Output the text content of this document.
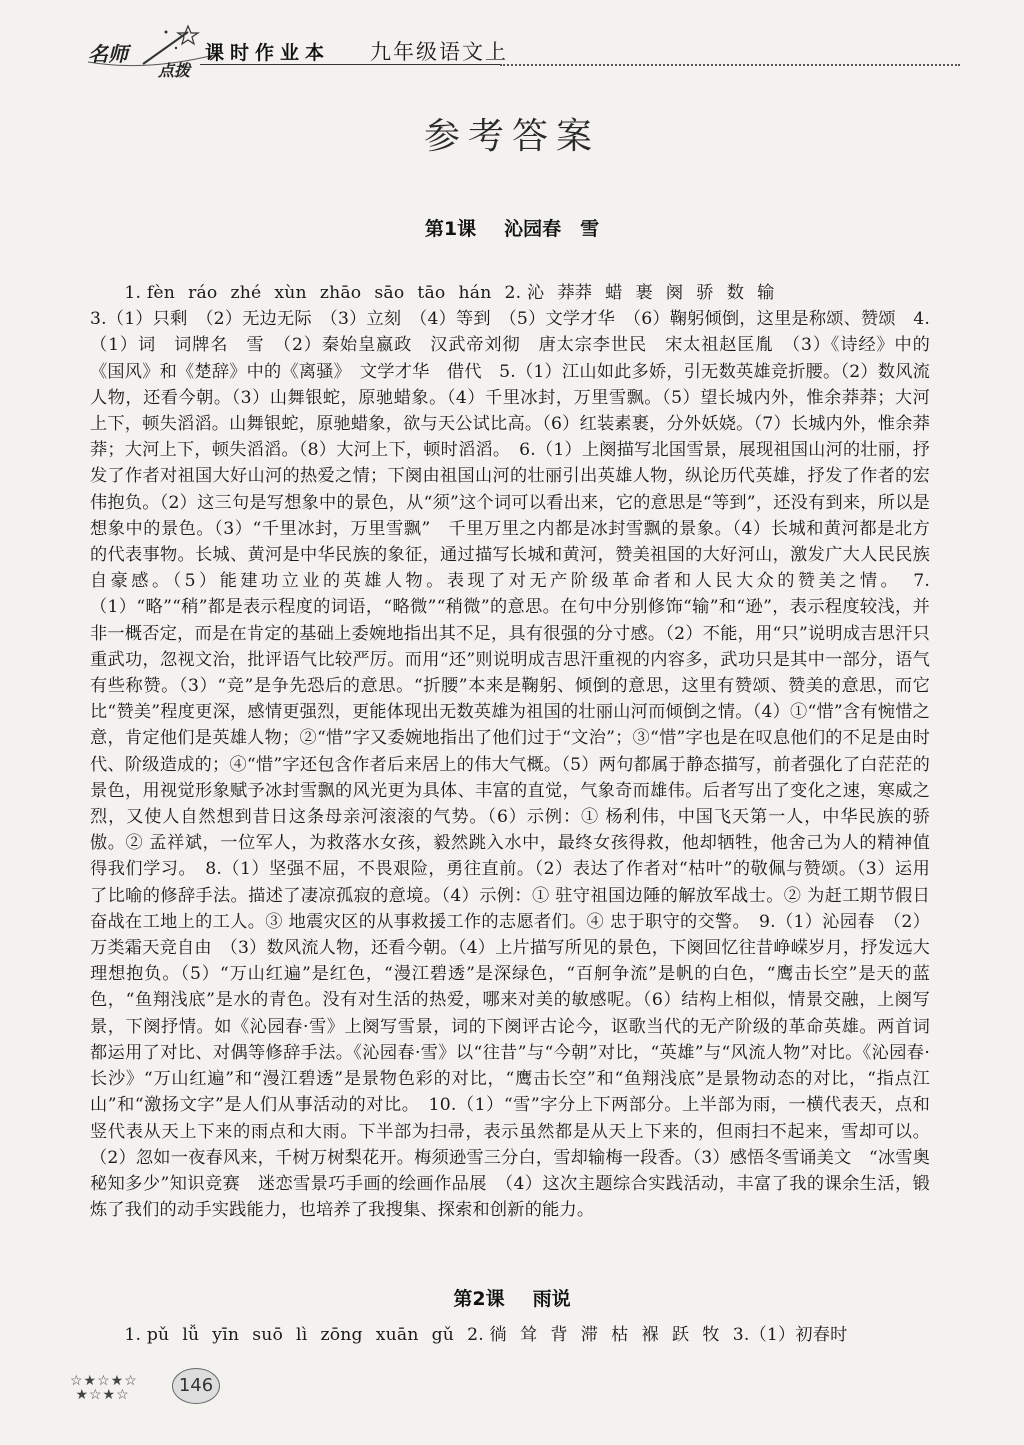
名师
点拨
课时作业本 九年级语文上
参考答案
第1课 沁园春　雪

1. fèn ráo zhé xùn zhāo sāo tāo hán 2. 沁 莽莽 蜡 裹 阕 骄 数 输

3.（1）只剩　（2）无边无际　（3）立刻　（4）等到　（5）文学才华　（6）鞠躬倾倒，这里是称颂、赞颂　4.（1）词　词牌名　雪　（2）秦始皇嬴政　汉武帝刘彻　唐太宗李世民　宋太祖赵匡胤　（3）《诗经》中的《国风》和《楚辞》中的《离骚》　文学才华　借代　5.（1）江山如此多娇，引无数英雄竞折腰。（2）数风流人物，还看今朝。（3）山舞银蛇，原驰蜡象。（4）千里冰封，万里雪飘。（5）望长城内外，惟余莽莽；大河上下，顿失滔滔。山舞银蛇，原驰蜡象，欲与天公试比高。（6）红装素裹，分外妖娆。（7）长城内外，惟余莽莽；大河上下，顿失滔滔。（8）大河上下，顿时滔滔。　6.（1）上阕描写北国雪景，展现祖国山河的壮丽，抒发了作者对祖国大好山河的热爱之情；下阕由祖国山河的壮丽引出英雄人物，纵论历代英雄，抒发了作者的宏伟抱负。（2）这三句是写想象中的景色，从“须”这个词可以看出来，它的意思是“等到”，还没有到来，所以是想象中的景色。（3）“千里冰封，万里雪飘”　千里万里之内都是冰封雪飘的景象。（4）长城和黄河都是北方的代表事物。长城、黄河是中华民族的象征，通过描写长城和黄河，赞美祖国的大好河山，激发广大人民民族自豪感。（5）能建功立业的英雄人物。表现了对无产阶级革命者和人民大众的赞美之情。　7.（1）“略”“稍”都是表示程度的词语，“略微”“稍微”的意思。在句中分别修饰“输”和“逊”，表示程度较浅，并非一概否定，而是在肯定的基础上委婉地指出其不足，具有很强的分寸感。（2）不能，用“只”说明成吉思汗只重武功，忽视文治，批评语气比较严厉。而用“还”则说明成吉思汗重视的内容多，武功只是其中一部分，语气有些称赞。（3）“竞”是争先恐后的意思。“折腰”本来是鞠躬、倾倒的意思，这里有赞颂、赞美的意思，而它比“赞美”程度更深，感情更强烈，更能体现出无数英雄为祖国的壮丽山河而倾倒之情。（4）①“惜”含有惋惜之意，肯定他们是英雄人物；②“惜”字又委婉地指出了他们过于“文治”；③“惜”字也是在叹息他们的不足是由时代、阶级造成的；④“惜”字还包含作者后来居上的伟大气概。（5）两句都属于静态描写，前者强化了白茫茫的景色，用视觉形象赋予冰封雪飘的风光更为具体、丰富的直觉，气象奇而雄伟。后者写出了变化之速，寒威之烈，又使人自然想到昔日这条母亲河滚滚的气势。（6）示例：① 杨利伟，中国飞天第一人，中华民族的骄傲。② 孟祥斌，一位军人，为救落水女孩，毅然跳入水中，最终女孩得救，他却牺牲，他舍己为人的精神值得我们学习。　8.（1）坚强不屈，不畏艰险，勇往直前。（2）表达了作者对“枯叶”的敬佩与赞颂。（3）运用了比喻的修辞手法。描述了凄凉孤寂的意境。（4）示例：① 驻守祖国边陲的解放军战士。② 为赶工期节假日奋战在工地上的工人。③ 地震灾区的从事救援工作的志愿者们。④ 忠于职守的交警。　9.（1）沁园春　（2）万类霜天竞自由　（3）数风流人物，还看今朝。（4）上片描写所见的景色，下阕回忆往昔峥嵘岁月，抒发远大理想抱负。（5）“万山红遍”是红色，“漫江碧透”是深绿色，“百舸争流”是帆的白色，“鹰击长空”是天的蓝色，“鱼翔浅底”是水的青色。没有对生活的热爱，哪来对美的敏感呢。（6）结构上相似，情景交融，上阕写景，下阕抒情。如《沁园春·雪》上阕写雪景，词的下阕评古论今，讴歌当代的无产阶级的革命英雄。两首词都运用了对比、对偶等修辞手法。《沁园春·雪》以“往昔”与“今朝”对比，“英雄”与“风流人物”对比。《沁园春·长沙》“万山红遍”和“漫江碧透”是景物色彩的对比，“鹰击长空”和“鱼翔浅底”是景物动态的对比，“指点江山”和“激扬文字”是人们从事活动的对比。　10.（1）“雪”字分上下两部分。上半部为雨，一横代表天，点和竖代表从天上下来的雨点和大雨。下半部为扫帚，表示虽然都是从天上下来的，但雨扫不起来，雪却可以。（2）忽如一夜春风来，千树万树梨花开。梅须逊雪三分白，雪却输梅一段香。（3）感悟冬雪诵美文　“冰雪奥秘知多少”知识竞赛　迷恋雪景巧手画的绘画作品展　（4）这次主题综合实践活动，丰富了我的课余生活，锻炼了我们的动手实践能力，也培养了我搜集、探索和创新的能力。

第2课 雨说

1. pǔ lǚ yīn suō lì zōng xuān gǔ 2. 徜 耸 背 滞 枯 褓 跃 牧 3.（1）初春时

☆★☆★☆
★☆★☆	146
